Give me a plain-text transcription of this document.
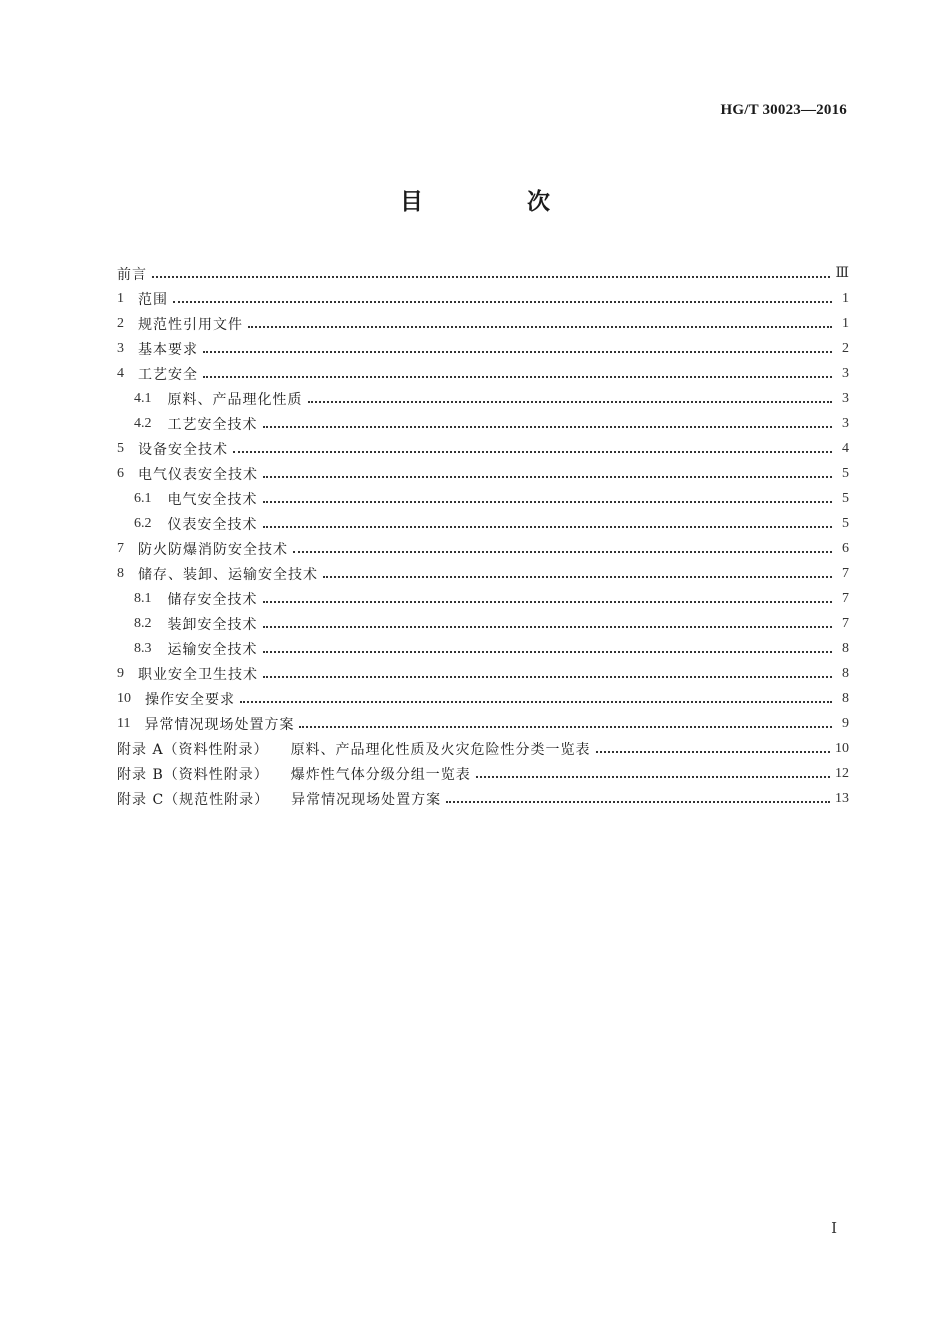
HG/T 30023—2016
目 次
前言	Ⅲ
1 范围	1
2 规范性引用文件	1
3 基本要求	2
4 工艺安全	3
4.1 原料、产品理化性质	3
4.2 工艺安全技术	3
5 设备安全技术	4
6 电气仪表安全技术	5
6.1 电气安全技术	5
6.2 仪表安全技术	5
7 防火防爆消防安全技术	6
8 储存、装卸、运输安全技术	7
8.1 储存安全技术	7
8.2 装卸安全技术	7
8.3 运输安全技术	8
9 职业安全卫生技术	8
10 操作安全要求	8
11 异常情况现场处置方案	9
附录 A（资料性附录） 原料、产品理化性质及火灾危险性分类一览表	10
附录 B（资料性附录） 爆炸性气体分级分组一览表	12
附录 C（规范性附录） 异常情况现场处置方案	13
Ⅰ
